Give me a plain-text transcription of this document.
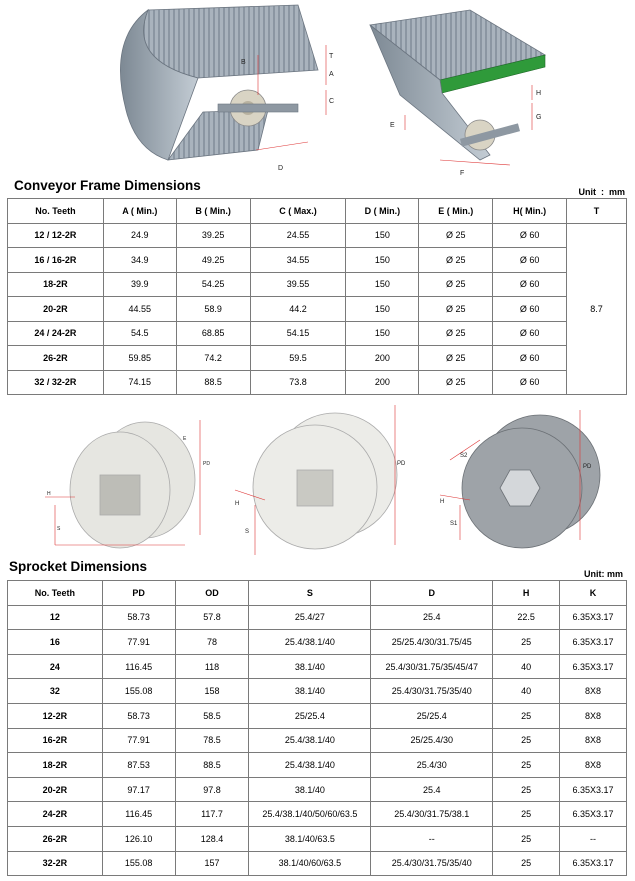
B
T
A
C
D
H
G
E
F
Conveyor Frame Dimensions	Unit  :  mm
No. Teeth	A ( Min.)	B ( Min.)	C ( Max.)	D ( Min.)	E ( Min.)	H( Min.)	T
12 / 12-2R	24.9	39.25	24.55	150	Ø 25	Ø 60	8.7
16 / 16-2R	34.9	49.25	34.55	150	Ø 25	Ø 60	
18-2R	39.9	54.25	39.55	150	Ø 25	Ø 60	
20-2R	44.55	58.9	44.2	150	Ø 25	Ø 60	
24 / 24-2R	54.5	68.85	54.15	150	Ø 25	Ø 60	
26-2R	59.85	74.2	59.5	200	Ø 25	Ø 60	
32 / 32-2R	74.15	88.5	73.8	200	Ø 25	Ø 60	
PD
H
S
E
PD
H
S
PD
S2
H
S1
Sprocket Dimensions	Unit: mm
No. Teeth	PD	OD	S	D	H	K
12	58.73	57.8	25.4/27	25.4	22.5	6.35X3.17
16	77.91	78	25.4/38.1/40	25/25.4/30/31.75/45	25	6.35X3.17
24	116.45	118	38.1/40	25.4/30/31.75/35/45/47	40	6.35X3.17
32	155.08	158	38.1/40	25.4/30/31.75/35/40	40	8X8
12-2R	58.73	58.5	25/25.4	25/25.4	25	8X8
16-2R	77.91	78.5	25.4/38.1/40	25/25.4/30	25	8X8
18-2R	87.53	88.5	25.4/38.1/40	25.4/30	25	8X8
20-2R	97.17	97.8	38.1/40	25.4	25	6.35X3.17
24-2R	116.45	117.7	25.4/38.1/40/50/60/63.5	25.4/30/31.75/38.1	25	6.35X3.17
26-2R	126.10	128.4	38.1/40/63.5	--	25	--
32-2R	155.08	157	38.1/40/60/63.5	25.4/30/31.75/35/40	25	6.35X3.17
